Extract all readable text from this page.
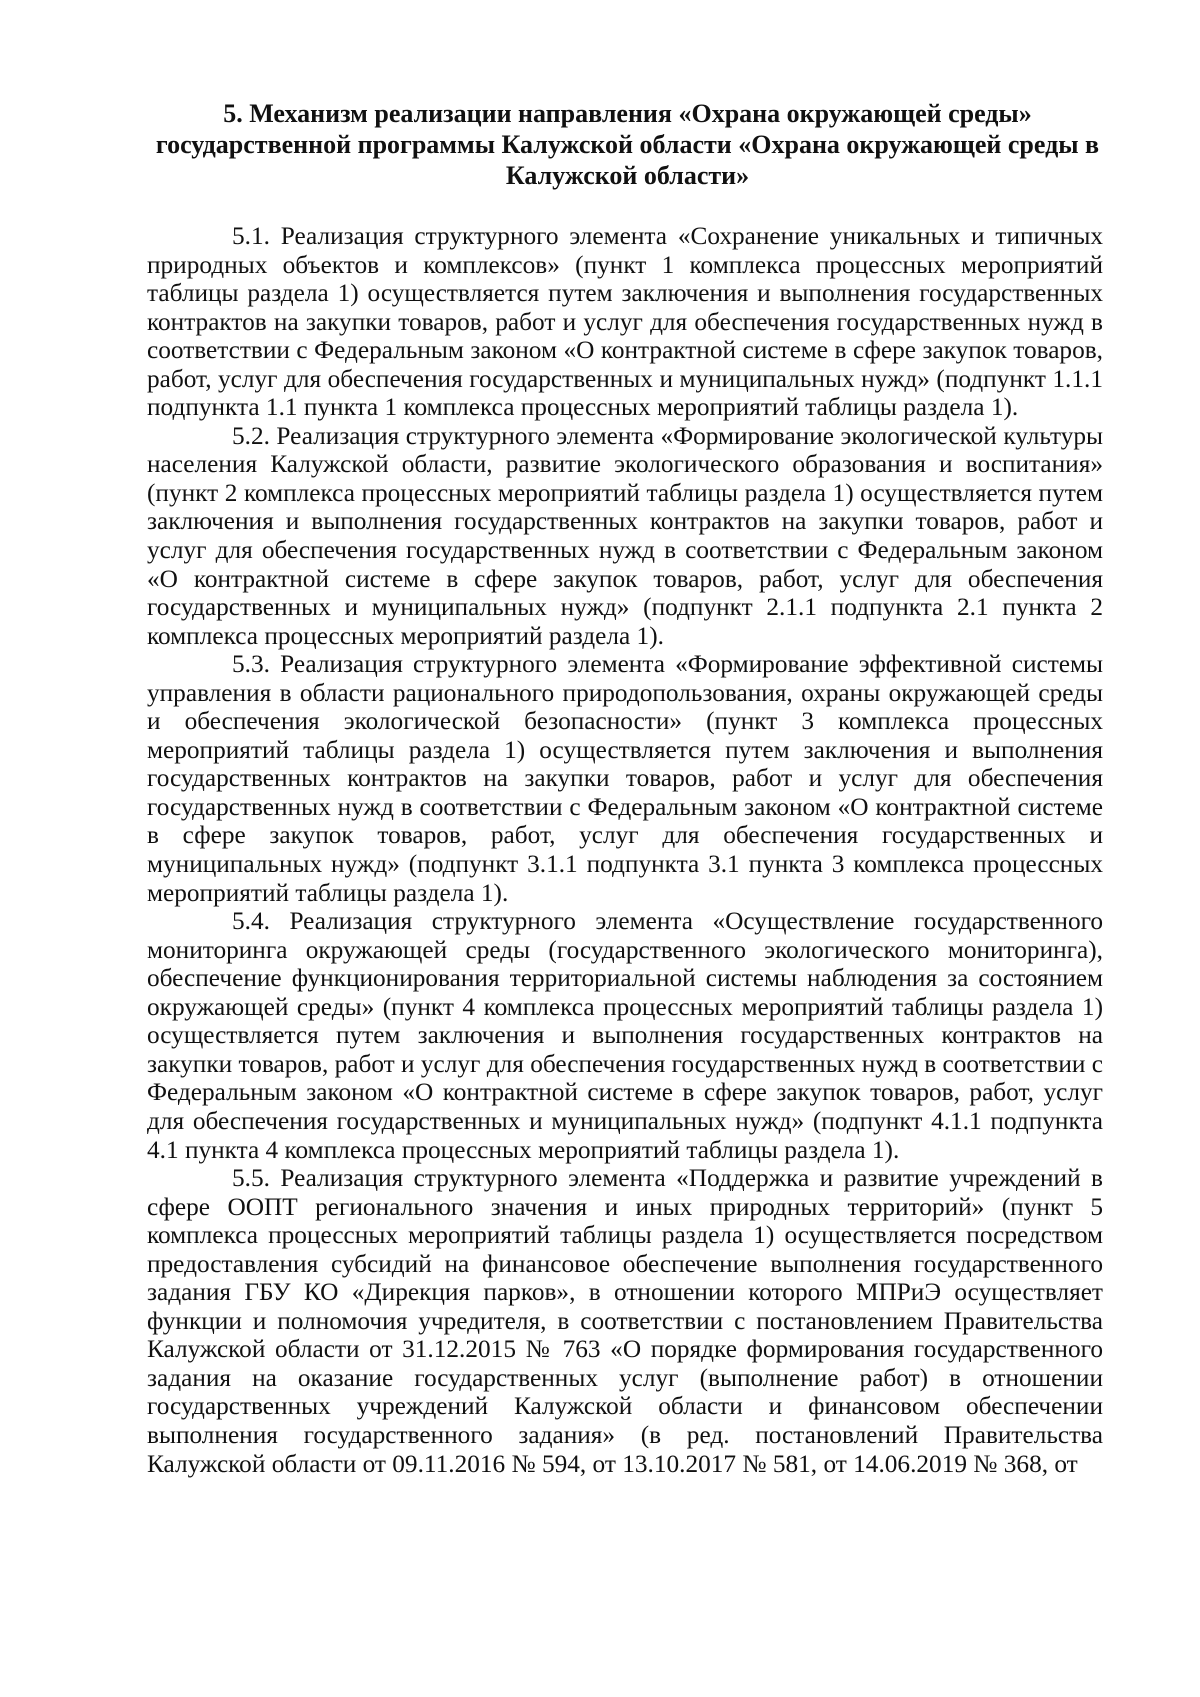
5. Механизм реализации направления «Охрана окружающей среды» государственной программы Калужской области «Охрана окружающей среды в Калужской области»

5.1. Реализация структурного элемента «Сохранение уникальных и типичных природных объектов и комплексов» (пункт 1 комплекса процессных мероприятий таблицы раздела 1) осуществляется путем заключения и выполнения государственных контрактов на закупки товаров, работ и услуг для обеспечения государственных нужд в соответствии с Федеральным законом «О контрактной системе в сфере закупок товаров, работ, услуг для обеспечения государственных и муниципальных нужд» (подпункт 1.1.1 подпункта 1.1 пункта 1 комплекса процессных мероприятий таблицы раздела 1).

5.2. Реализация структурного элемента «Формирование экологической культуры населения Калужской области, развитие экологического образования и воспитания» (пункт 2 комплекса процессных мероприятий таблицы раздела 1) осуществляется путем заключения и выполнения государственных контрактов на закупки товаров, работ и услуг для обеспечения государственных нужд в соответствии с Федеральным законом «О контрактной системе в сфере закупок товаров, работ, услуг для обеспечения государственных и муниципальных нужд» (подпункт 2.1.1 подпункта 2.1 пункта 2 комплекса процессных мероприятий раздела 1).

5.3. Реализация структурного элемента «Формирование эффективной системы управления в области рационального природопользования, охраны окружающей среды и обеспечения экологической безопасности» (пункт 3 комплекса процессных мероприятий таблицы раздела 1) осуществляется путем заключения и выполнения государственных контрактов на закупки товаров, работ и услуг для обеспечения государственных нужд в соответствии с Федеральным законом «О контрактной системе в сфере закупок товаров, работ, услуг для обеспечения государственных и муниципальных нужд» (подпункт 3.1.1 подпункта 3.1 пункта 3 комплекса процессных мероприятий таблицы раздела 1).

5.4. Реализация структурного элемента «Осуществление государственного мониторинга окружающей среды (государственного экологического мониторинга), обеспечение функционирования территориальной системы наблюдения за состоянием окружающей среды» (пункт 4 комплекса процессных мероприятий таблицы раздела 1) осуществляется путем заключения и выполнения государственных контрактов на закупки товаров, работ и услуг для обеспечения государственных нужд в соответствии с Федеральным законом «О контрактной системе в сфере закупок товаров, работ, услуг для обеспечения государственных и муниципальных нужд» (подпункт 4.1.1 подпункта 4.1 пункта 4 комплекса процессных мероприятий таблицы раздела 1).

5.5. Реализация структурного элемента «Поддержка и развитие учреждений в сфере ООПТ регионального значения и иных природных территорий» (пункт 5 комплекса процессных мероприятий таблицы раздела 1) осуществляется посредством предоставления субсидий на финансовое обеспечение выполнения государственного задания ГБУ КО «Дирекция парков», в отношении которого МПРиЭ осуществляет функции и полномочия учредителя, в соответствии с постановлением Правительства Калужской области от 31.12.2015 № 763 «О порядке формирования государственного задания на оказание государственных услуг (выполнение работ) в отношении государственных учреждений Калужской области и финансовом обеспечении выполнения государственного задания» (в ред. постановлений Правительства Калужской области от 09.11.2016 № 594, от 13.10.2017 № 581, от 14.06.2019 № 368, от
